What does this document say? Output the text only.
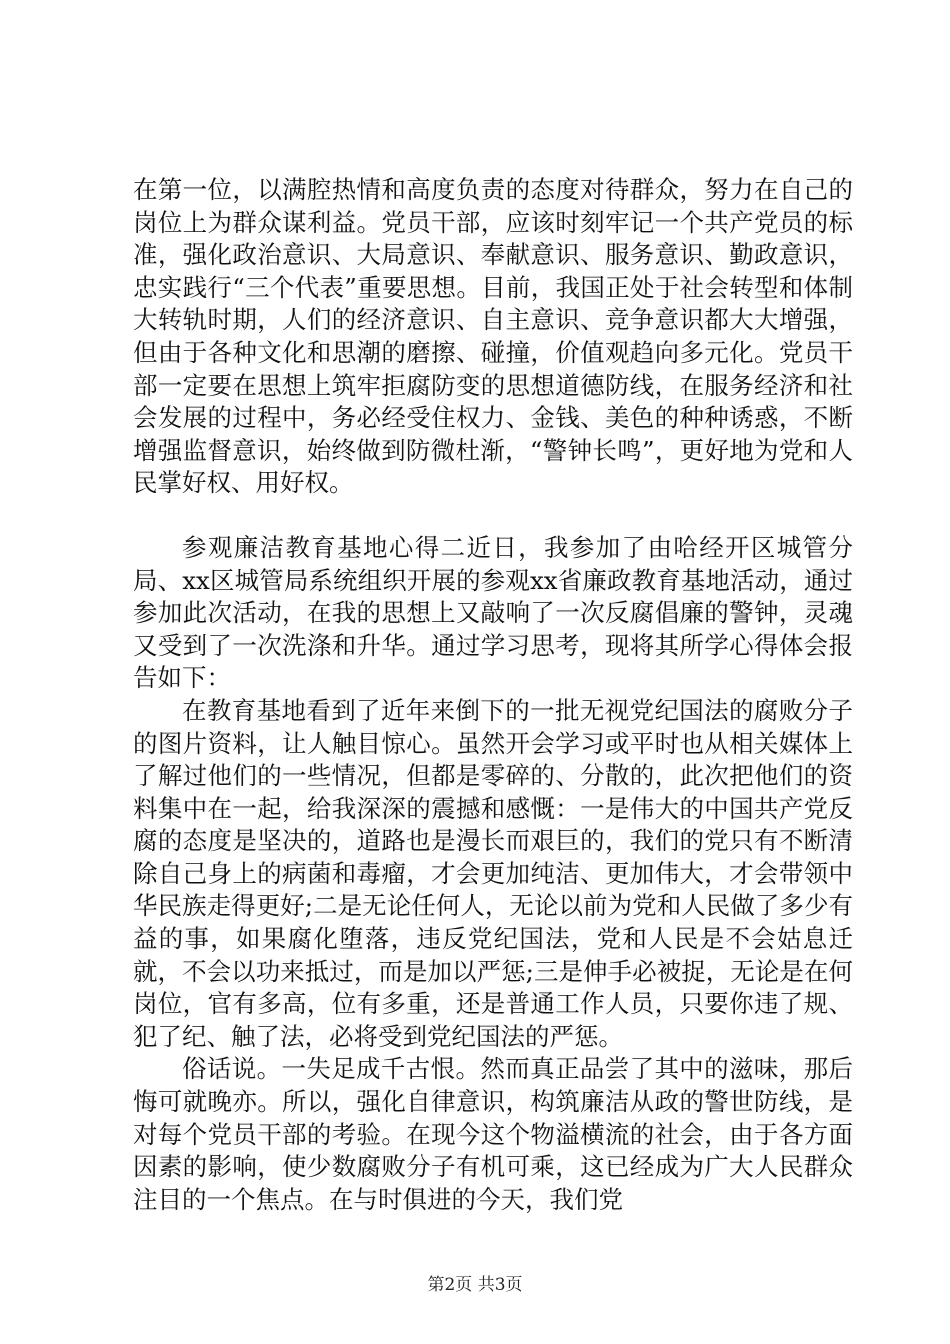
在第一位，以满腔热情和高度负责的态度对待群众，努力在自己的岗位上为群众谋利益。党员干部，应该时刻牢记一个共产党员的标准，强化政治意识、大局意识、奉献意识、服务意识、勤政意识，忠实践行“三个代表”重要思想。目前，我国正处于社会转型和体制大转轨时期，人们的经济意识、自主意识、竞争意识都大大增强，但由于各种文化和思潮的磨擦、碰撞，价值观趋向多元化。党员干部一定要在思想上筑牢拒腐防变的思想道德防线，在服务经济和社会发展的过程中，务必经受住权力、金钱、美色的种种诱惑，不断增强监督意识，始终做到防微杜渐，“警钟长鸣”，更好地为党和人民掌好权、用好权。

参观廉洁教育基地心得二近日，我参加了由哈经开区城管分局、xx区城管局系统组织开展的参观xx省廉政教育基地活动，通过参加此次活动，在我的思想上又敲响了一次反腐倡廉的警钟，灵魂又受到了一次洗涤和升华。通过学习思考，现将其所学心得体会报告如下：

在教育基地看到了近年来倒下的一批无视党纪国法的腐败分子的图片资料，让人触目惊心。虽然开会学习或平时也从相关媒体上了解过他们的一些情况，但都是零碎的、分散的，此次把他们的资料集中在一起，给我深深的震撼和感慨：一是伟大的中国共产党反腐的态度是坚决的，道路也是漫长而艰巨的，我们的党只有不断清除自己身上的病菌和毒瘤，才会更加纯洁、更加伟大，才会带领中华民族走得更好;二是无论任何人，无论以前为党和人民做了多少有益的事，如果腐化堕落，违反党纪国法，党和人民是不会姑息迁就，不会以功来抵过，而是加以严惩;三是伸手必被捉，无论是在何岗位，官有多高，位有多重，还是普通工作人员，只要你违了规、犯了纪、触了法，必将受到党纪国法的严惩。

俗话说。一失足成千古恨。然而真正品尝了其中的滋味，那后悔可就晚亦。所以，强化自律意识，构筑廉洁从政的警世防线，是对每个党员干部的考验。在现今这个物溢横流的社会，由于各方面因素的影响，使少数腐败分子有机可乘，这已经成为广大人民群众注目的一个焦点。在与时俱进的今天，我们党

第2页 共3页
